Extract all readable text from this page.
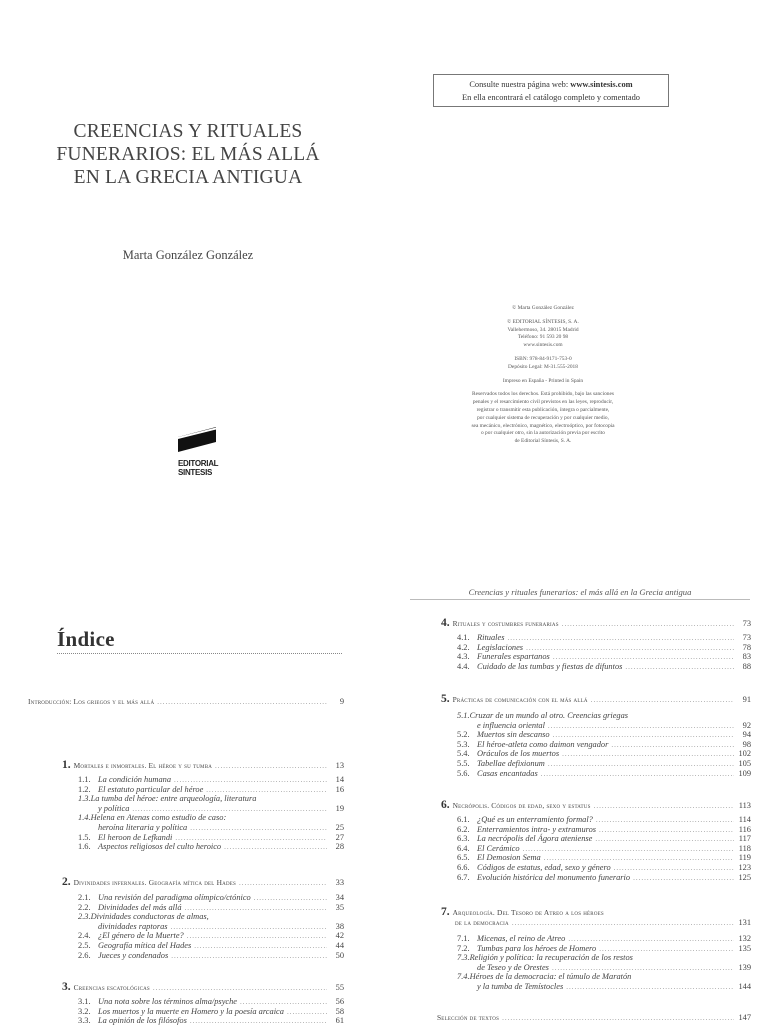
Consulte nuestra página web: www.sintesis.com
En ella encontrará el catálogo completo y comentado
CREENCIAS Y RITUALES
FUNERARIOS: EL MÁS ALLÁ
EN LA GRECIA ANTIGUA
Marta González González
EDITORIAL
SINTESIS
© Marta González González
© EDITORIAL SÍNTESIS, S. A.
Vallehermoso, 34. 28015 Madrid
Teléfono: 91 593 20 98
www.sintesis.com
ISBN: 978-84-9171-753-0
Depósito Legal: M-31.555-2018
Impreso en España - Printed in Spain
Reservados todos los derechos. Está prohibido, bajo las sanciones
penales y el resarcimiento civil previstos en las leyes, reproducir,
registrar o transmitir esta publicación, íntegra o parcialmente,
por cualquier sistema de recuperación y por cualquier medio,
sea mecánico, electrónico, magnético, electroóptico, por fotocopia
o por cualquier otro, sin la autorización previa por escrito
de Editorial Síntesis, S. A.
Creencias y rituales funerarios: el más allá en la Grecia antigua
Índice
Introducción: Los griegos y el más allá .....	9
1. Mortales e inmortales. El héroe y su tumba .....	13
1.1. La condición humana .....	14
1.2. El estatuto particular del héroe .....	16
1.3.La tumba del héroe: entre arqueología, literatura
y política .....	19
1.4.Helena en Atenas como estudio de caso:
heroína literaria y política .....	25
1.5. El heroon de Lefkandi .....	27
1.6. Aspectos religiosos del culto heroico .....	28
2. Divinidades infernales. Geografía mítica del Hades .....	33
2.1. Una revisión del paradigma olímpico/ctónico .....	34
2.2. Divinidades del más allá .....	35
2.3.Divinidades conductoras de almas,
divinidades raptoras .....	38
2.4. ¿El género de la Muerte? .....	42
2.5. Geografía mítica del Hades .....	44
2.6. Jueces y condenados .....	50
3. Creencias escatológicas .....	55
3.1. Una nota sobre los términos alma/psyche .....	56
3.2. Los muertos y la muerte en Homero y la poesía arcaica .....	58
3.3. La opinión de los filósofos .....	61
4. Rituales y costumbres funerarias .....	73
4.1. Rituales .....	73
4.2. Legislaciones .....	78
4.3. Funerales espartanos .....	83
4.4. Cuidado de las tumbas y fiestas de difuntos .....	88
5. Prácticas de comunicación con el más allá .....	91
5.1.Cruzar de un mundo al otro. Creencias griegas
e influencia oriental .....	92
5.2. Muertos sin descanso .....	94
5.3. El héroe-atleta como daimon vengador .....	98
5.4. Oráculos de los muertos .....	102
5.5. Tabellae defixionum .....	105
5.6. Casas encantadas .....	109
6. Necrópolis. Códigos de edad, sexo y estatus .....	113
6.1. ¿Qué es un enterramiento formal? .....	114
6.2. Enterramientos intra- y extramuros .....	116
6.3. La necrópolis del Ágora ateniense .....	117
6.4. El Cerámico .....	118
6.5. El Demosion Sema .....	119
6.6. Códigos de estatus, edad, sexo y género .....	123
6.7. Evolución histórica del monumento funerario .....	125
7. Arqueología. Del Tesoro de Atreo a los héroes
de la democracia .....	131
7.1. Micenas, el reino de Atreo .....	132
7.2. Tumbas para los héroes de Homero .....	135
7.3.Religión y política: la recuperación de los restos
de Teseo y de Orestes .....	139
7.4.Héroes de la democracia: el túmulo de Maratón
y la tumba de Temístocles .....	144
Selección de textos .....	147
